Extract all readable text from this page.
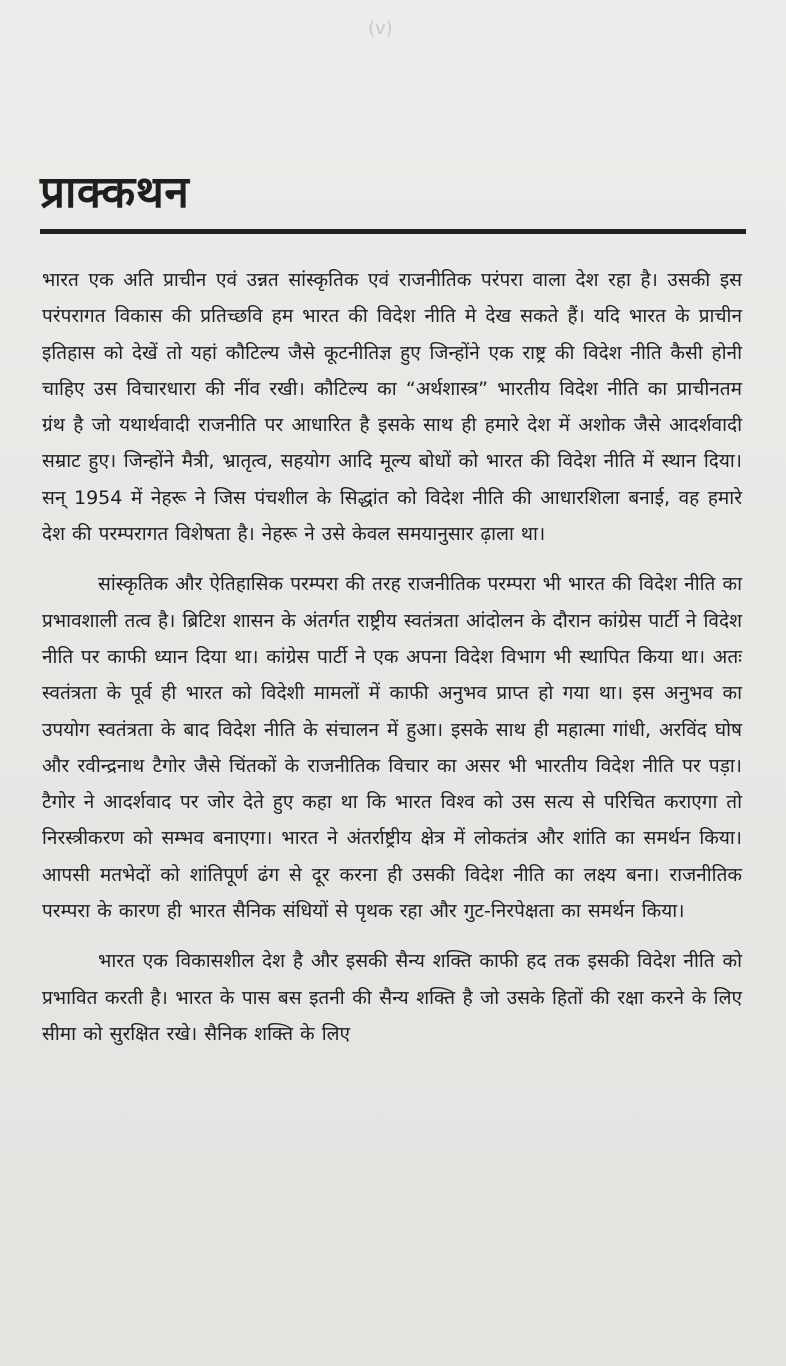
(v)
प्राक्कथन

भारत एक अति प्राचीन एवं उन्नत सांस्कृतिक एवं राजनीतिक परंपरा वाला देश रहा है। उसकी इस परंपरागत विकास की प्रतिच्छवि हम भारत की विदेश नीति मे देख सकते हैं। यदि भारत के प्राचीन इतिहास को देखें तो यहां कौटिल्य जैसे कूटनीतिज्ञ हुए जिन्होंने एक राष्ट्र की विदेश नीति कैसी होनी चाहिए उस विचारधारा की नींव रखी। कौटिल्य का “अर्थशास्त्र” भारतीय विदेश नीति का प्राचीनतम ग्रंथ है जो यथार्थवादी राजनीति पर आधारित है इसके साथ ही हमारे देश में अशोक जैसे आदर्शवादी सम्राट हुए। जिन्होंने मैत्री, भ्रातृत्व, सहयोग आदि मूल्य बोधों को भारत की विदेश नीति में स्थान दिया। सन् 1954 में नेहरू ने जिस पंचशील के सिद्धांत को विदेश नीति की आधारशिला बनाई, वह हमारे देश की परम्परागत विशेषता है। नेहरू ने उसे केवल समयानुसार ढ़ाला था।

सांस्कृतिक और ऐतिहासिक परम्परा की तरह राजनीतिक परम्परा भी भारत की विदेश नीति का प्रभावशाली तत्व है। ब्रिटिश शासन के अंतर्गत राष्ट्रीय स्वतंत्रता आंदोलन के दौरान कांग्रेस पार्टी ने विदेश नीति पर काफी ध्यान दिया था। कांग्रेस पार्टी ने एक अपना विदेश विभाग भी स्थापित किया था। अतः स्वतंत्रता के पूर्व ही भारत को विदेशी मामलों में काफी अनुभव प्राप्त हो गया था। इस अनुभव का उपयोग स्वतंत्रता के बाद विदेश नीति के संचालन में हुआ। इसके साथ ही महात्मा गांधी, अरविंद घोष और रवीन्द्रनाथ टैगोर जैसे चिंतकों के राजनीतिक विचार का असर भी भारतीय विदेश नीति पर पड़ा। टैगोर ने आदर्शवाद पर जोर देते हुए कहा था कि भारत विश्व को उस सत्य से परिचित कराएगा तो निरस्त्रीकरण को सम्भव बनाएगा। भारत ने अंतर्राष्ट्रीय क्षेत्र में लोकतंत्र और शांति का समर्थन किया। आपसी मतभेदों को शांतिपूर्ण ढंग से दूर करना ही उसकी विदेश नीति का लक्ष्य बना। राजनीतिक परम्परा के कारण ही भारत सैनिक संधियों से पृथक रहा और गुट-निरपेक्षता का समर्थन किया।

भारत एक विकासशील देश है और इसकी सैन्य शक्ति काफी हद तक इसकी विदेश नीति को प्रभावित करती है। भारत के पास बस इतनी की सैन्य शक्ति है जो उसके हितों की रक्षा करने के लिए सीमा को सुरक्षित रखे। सैनिक शक्ति के लिए
